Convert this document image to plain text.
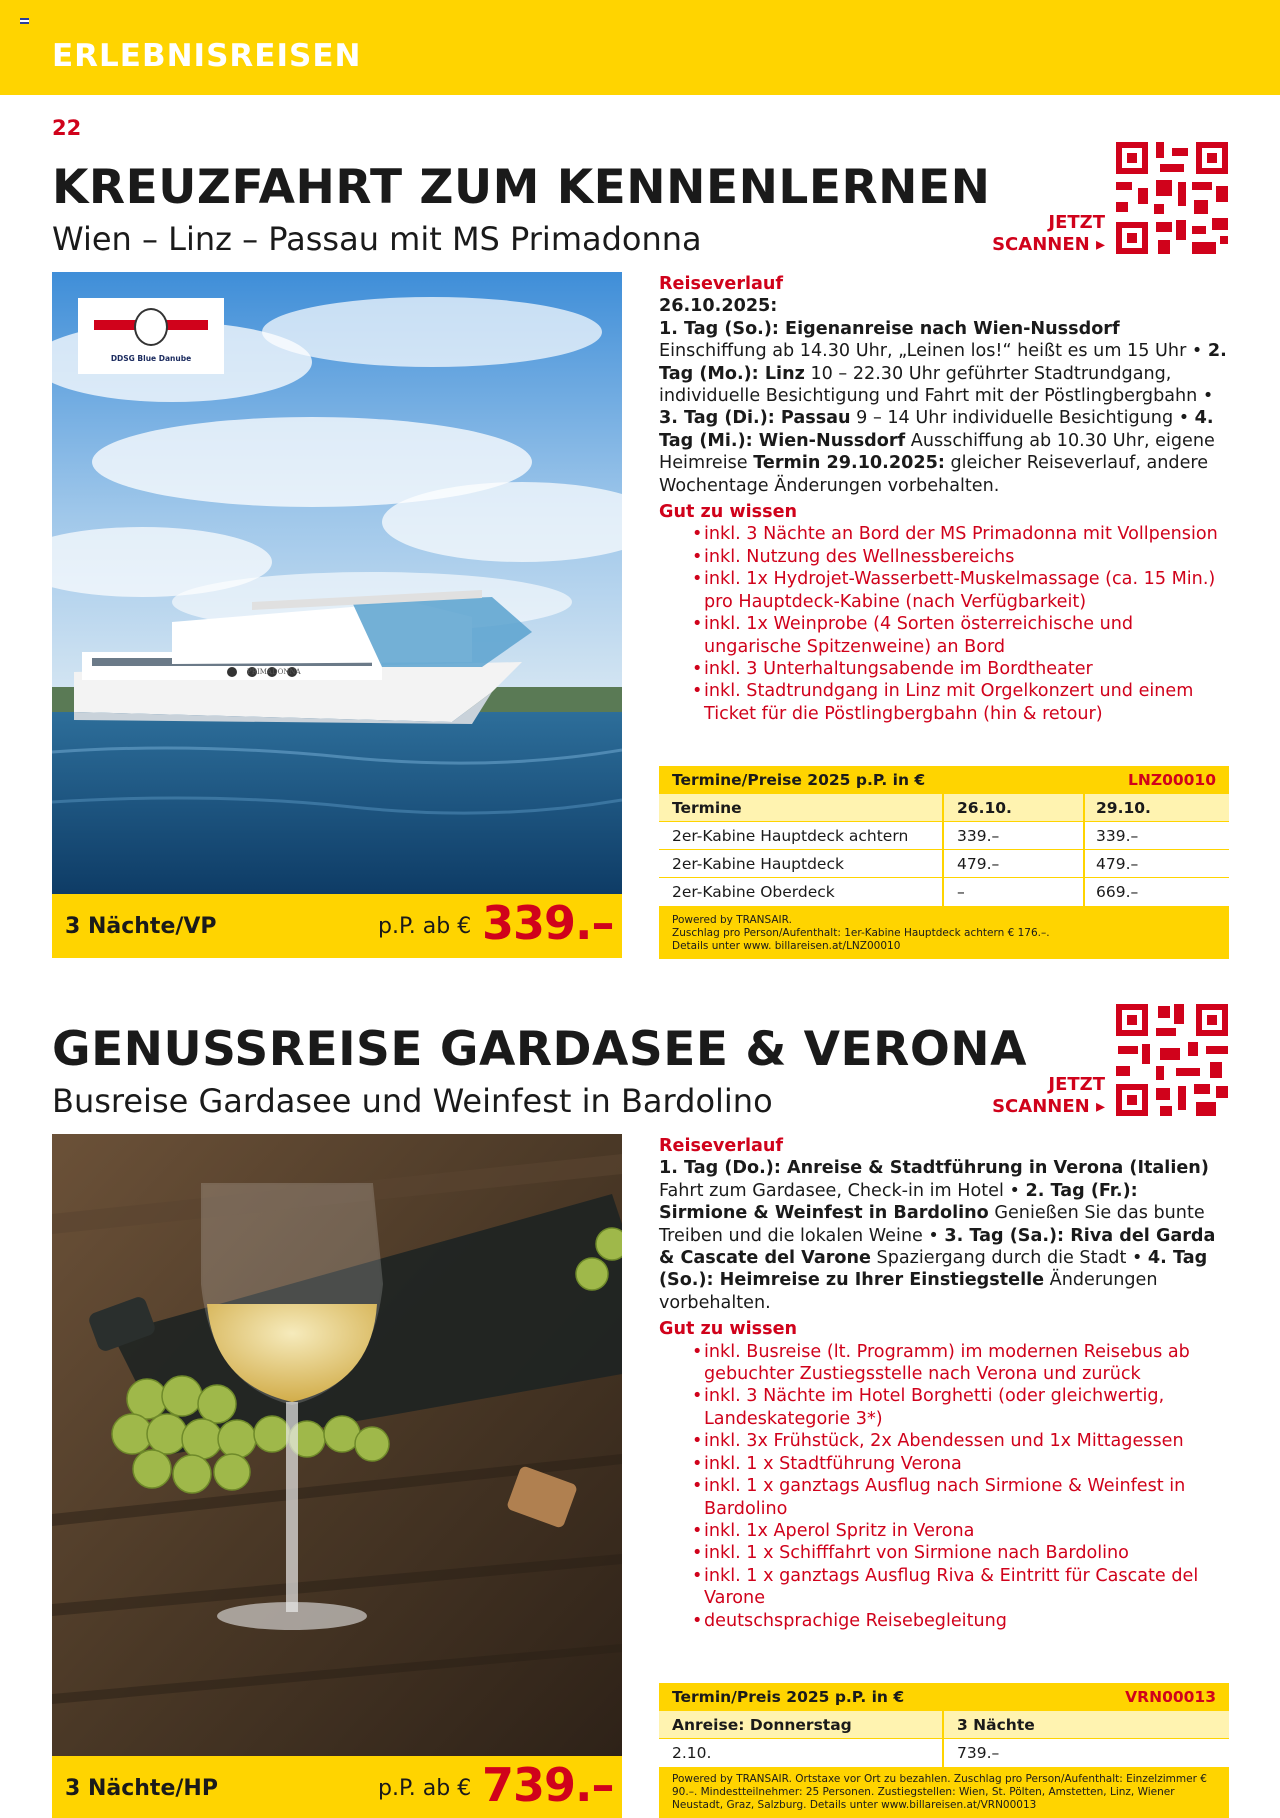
ERLEBNISREISEN
22
KREUZFAHRT ZUM KENNENLERNEN
Wien – Linz – Passau mit MS Primadonna	JETZT
SCANNEN ▸
PRIMADONNA
DDSG Blue Danube
3 Nächte/VP	p.P. ab € 339.–
Reiseverlauf
26.10.2025:
1. Tag (So.): Eigenanreise nach Wien-Nussdorf Einschiffung ab 14.30 Uhr, „Leinen los!“ heißt es um 15 Uhr • 2. Tag (Mo.): Linz 10 – 22.30 Uhr geführter Stadtrundgang, individuelle Besichtigung und Fahrt mit der Pöstlingbergbahn • 3. Tag (Di.): Passau 9 – 14 Uhr individuelle Besichtigung • 4. Tag (Mi.): Wien-Nussdorf Ausschiffung ab 10.30 Uhr, eigene Heimreise Termin 29.10.2025: gleicher Reiseverlauf, andere Wochentage Änderungen vorbehalten.
Gut zu wissen
• inkl. 3 Nächte an Bord der MS Primadonna mit Vollpension
• inkl. Nutzung des Wellnessbereichs
• inkl. 1x Hydrojet-Wasserbett-Muskelmassage (ca. 15 Min.) pro Hauptdeck-Kabine (nach Verfügbarkeit)
• inkl. 1x Weinprobe (4 Sorten österreichische und ungarische Spitzenweine) an Bord
• inkl. 3 Unterhaltungsabende im Bordtheater
• inkl. Stadtrundgang in Linz mit Orgelkonzert und einem Ticket für die Pöstlingbergbahn (hin & retour)
Termine/Preise 2025 p.P. in €	LNZ00010
Termine	26.10.	29.10.
2er-Kabine Hauptdeck achtern	339.–	339.–
2er-Kabine Hauptdeck	479.–	479.–
2er-Kabine Oberdeck	–	669.–
Powered by TRANSAIR.
Zuschlag pro Person/Aufenthalt: 1er-Kabine Hauptdeck achtern € 176.–.
Details unter www. billareisen.at/LNZ00010
GENUSSREISE GARDASEE & VERONA
Busreise Gardasee und Weinfest in Bardolino	JETZT
SCANNEN ▸
3 Nächte/HP	p.P. ab € 739.–
Reiseverlauf
1. Tag (Do.): Anreise & Stadtführung in Verona (Italien) Fahrt zum Gardasee, Check-in im Hotel • 2. Tag (Fr.): Sirmione & Weinfest in Bardolino Genießen Sie das bunte Treiben und die lokalen Weine • 3. Tag (Sa.): Riva del Garda & Cascate del Varone Spaziergang durch die Stadt • 4. Tag (So.): Heimreise zu Ihrer Einstiegstelle Änderungen vorbehalten.
Gut zu wissen
• inkl. Busreise (lt. Programm) im modernen Reisebus ab gebuchter Zustiegsstelle nach Verona und zurück
• inkl. 3 Nächte im Hotel Borghetti (oder gleichwertig, Landeskategorie 3*)
• inkl. 3x Frühstück, 2x Abendessen und 1x Mittagessen
• inkl. 1 x Stadtführung Verona
• inkl. 1 x ganztags Ausflug nach Sirmione & Weinfest in Bardolino
• inkl. 1x Aperol Spritz in Verona
• inkl. 1 x Schifffahrt von Sirmione nach Bardolino
• inkl. 1 x ganztags Ausflug Riva & Eintritt für Cascate del Varone
• deutschsprachige Reisebegleitung
Termin/Preis 2025 p.P. in €	VRN00013
Anreise: Donnerstag	3 Nächte
2.10.	739.–
Powered by TRANSAIR. Ortstaxe vor Ort zu bezahlen. Zuschlag pro Person/Aufenthalt: Einzelzimmer € 90.–. Mindestteilnehmer: 25 Personen. Zustiegstellen: Wien, St. Pölten, Amstetten, Linz, Wiener Neustadt, Graz, Salzburg. Details unter www.billareisen.at/VRN00013
